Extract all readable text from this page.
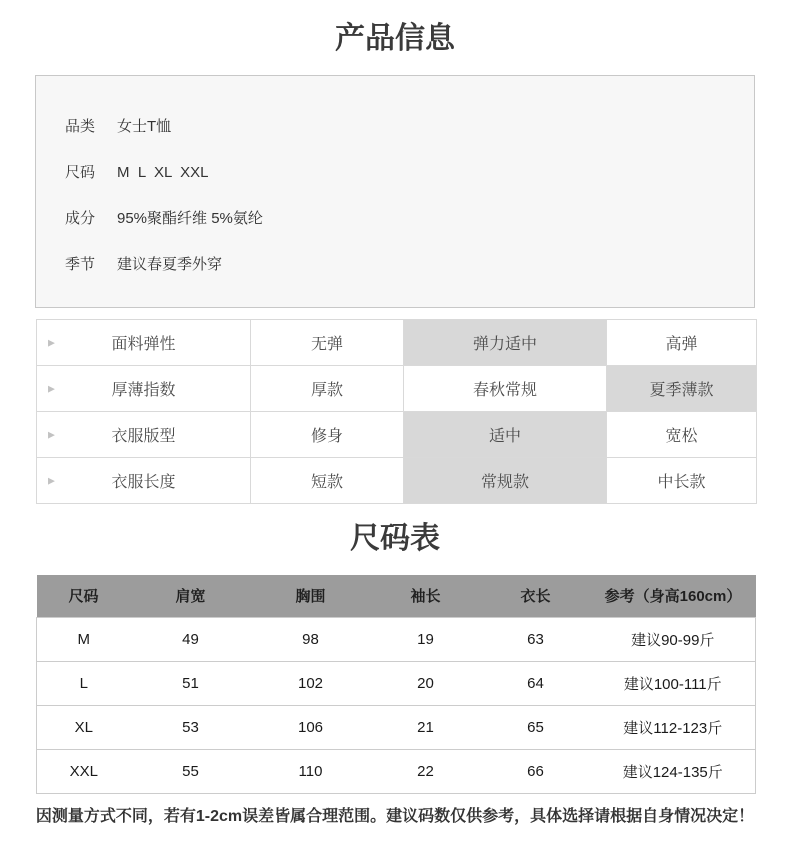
产品信息
品类	女士T恤
尺码	M  L  XL  XXL
成分	95%聚酯纤维 5%氨纶
季节	建议春夏季外穿
▶ 面料弹性	无弹	弹力适中	高弹

▶ 厚薄指数	厚款	春秋常规	夏季薄款

▶ 衣服版型	修身	适中	宽松

▶ 衣服长度	短款	常规款	中长款
尺码表
尺码	肩宽	胸围	袖长	衣长	参考（身高160cm）
M	49	98	19	63	建议90-99斤
L	51	102	20	64	建议100-111斤
XL	53	106	21	65	建议112-123斤
XXL	55	110	22	66	建议124-135斤

因测量方式不同，若有1-2cm误差皆属合理范围。建议码数仅供参考，具体选择请根据自身情况决定！
